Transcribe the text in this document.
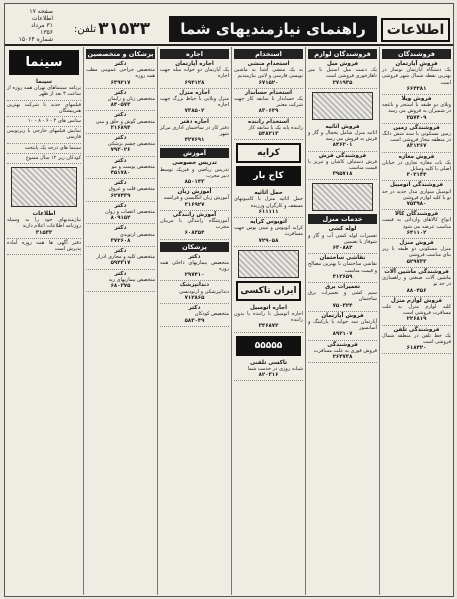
اطلاعات
راهنمای نیازمندیهای شما
۳۱۵۳۳
تلفن:
صفحه ۱۷
اطلاعات
۳۱ مرداد
۱۳۵۶
شماره ۱۵۰۶۴
فروشندگان
فروش آپارتمان
یک دستگاه آپارتمان نوساز در بهترین نقطه شمال شهر فروشی است
۶۶۴۲۸۱
فروش ویلا
ویلای دو طبقه با استخر و باغچه در شمیران به فروش می رسد
۲۵۷۴۰۹
فروشندگی زمین
زمین مسکونی با سند شش دانگ در منطقه مجاز فروشی است
۸۳۱۲۶۷
فروش مغازه
یک باب مغازه تجاری در خیابان اصلی با کلیه وسایل
۳۰۲۱۴۴
فروشندگی اتومبیل
اتومبیل سواری مدل جدید در حد نو با کلیه لوازم فروشی
۷۵۳۹۸۰
فروشندگان کالا
انواع کالاهای وارداتی به قیمت مناسب عرضه می شود
۶۴۱۱۰۲
فروش منزل
منزل مسکونی دو طبقه با زیر بنای مناسب فروشی
۵۲۹۷۳۳
فروشندگی ماشین آلات
ماشین آلات صنعتی و راهسازی در حد نو
۸۸۰۴۵۶
فروش لوازم منزل
کلیه لوازم منزل به علت مسافرت فروشی است
۲۲۶۸۱۹
فروشندگی تلفن
یک خط تلفن در منطقه شمال فروشی است
۶۱۸۴۲۰
فروشندگان لوازم
فروش مبل
یک دست مبل استیل با میز ناهارخوری فروشی است
۲۷۱۹۳۵
فروش اثاثیه
اثاثیه منزل شامل یخچال و گاز و فرش به فروش می رسد
۸۴۶۲۰۱
فروشندگی فرش
فرش دستباف کاشان و تبریز با قیمت مناسب
۳۹۵۷۱۸
خدمات منزل
لوله کشی
تعمیرات لوله کشی آب و گاز و شوفاژ با تضمین
۶۳۰۸۸۲
نقاشی ساختمان
نقاشی ساختمان با بهترین مصالح و قیمت مناسب
۴۱۲۶۵۹
تعمیرات برق
سیم کشی و تعمیرات برق ساختمان
۷۵۰۳۲۴
فروش آپارتمان
آپارتمان سه خوابه با پارکینگ و آسانسور
۸۹۲۱۰۷
فروشندگی
فروش فوری به علت مسافرت
۲۶۴۷۳۸
استخدام
استخدام منشی
به یک منشی آشنا به ماشین نویسی فارسی و لاتین نیازمندیم
۶۷۱۵۲۰
استخدام حسابدار
یک حسابدار با سابقه کار جهت شرکت معتبر
۸۳۰۶۴۹
استخدام راننده
راننده پایه یک با سابقه کار
۵۴۸۲۱۳
کرایه
کاج بار
حمل اثاثیه
حمل اثاثیه منزل با کامیونهای مسقف و کارگران ورزیده
۶۱۱۱۱۱
اتوبوس کرایه
کرایه اتوبوس و مینی بوس جهت مسافرت
۷۲۹۰۵۸
ایران تاکسی
اجاره اتومبیل
اجاره اتومبیل با راننده یا بدون راننده
۳۴۶۸۷۲
۵۵۵۵۵
تاکسی تلفنی
شبانه روزی در خدمت شما
۸۲۰۳۱۶
اجاره
اجاره آپارتمان
یک آپارتمان دو خوابه مبله جهت اجاره
۶۹۴۱۲۸
اجاره منزل
منزل ویلایی با حیاط بزرگ جهت اجاره
۷۳۸۵۰۲
اجاره دفتر
دفتر کار در ساختمان اداری مرکز شهر
۴۲۷۶۹۱
آموزش
تدریس خصوصی
تدریس ریاضی و فیزیک توسط دبیر مجرب
۸۵۰۱۴۳
آموزش زبان
آموزش زبان انگلیسی و فرانسه
۳۱۶۹۲۷
آموزش رانندگی
آموزشگاه رانندگی با مربیان مجرب
۶۰۸۳۵۴
پزشکان
دکتر
متخصص بیماریهای داخلی همه روزه
۲۹۷۴۱۰
دندانپزشک
دندانپزشکی و ارتودنسی
۷۱۲۸۶۵
دکتر
متخصص کودکان
۵۸۳۰۴۹
پزشکان و متخصصین
دکتر
متخصص جراحی عمومی مطب همه روزه
۶۳۹۲۱۷
دکتر
متخصص زنان و زایمان
۸۴۰۵۷۳
دکتر
متخصص گوش و حلق و بینی
۲۱۶۸۹۴
دکتر
متخصص چشم پزشکی
۷۹۳۰۲۶
دکتر
متخصص پوست و مو
۴۵۱۷۸۰
دکتر
متخصص قلب و عروق
۶۲۷۴۳۹
دکتر
متخصص اعصاب و روان
۸۰۹۱۵۲
دکتر
متخصص ارتوپدی
۳۷۲۶۰۸
دکتر
متخصص کلیه و مجاری ادرار
۵۹۴۳۱۷
دکتر
متخصص بیماریهای ریه
۶۸۰۲۷۵
سینما
سینما
برنامه سینماهای تهران همه روزه از ساعت ۴ بعد از ظهر
فیلمهای جدید با شرکت بهترین هنرپیشگان
سانس های ۴ - ۶ - ۸ - ۱۰
نمایش فیلمهای خارجی با زیرنویس فارسی
سینما های درجه یک پایتخت
کودکان زیر ۱۲ سال ممنوع
اطلاعات
نیازمندیهای خود را به وسیله روزنامه اطلاعات اعلام دارید
۳۱۵۳۳
دفتر آگهی ها همه روزه آماده پذیرش است
